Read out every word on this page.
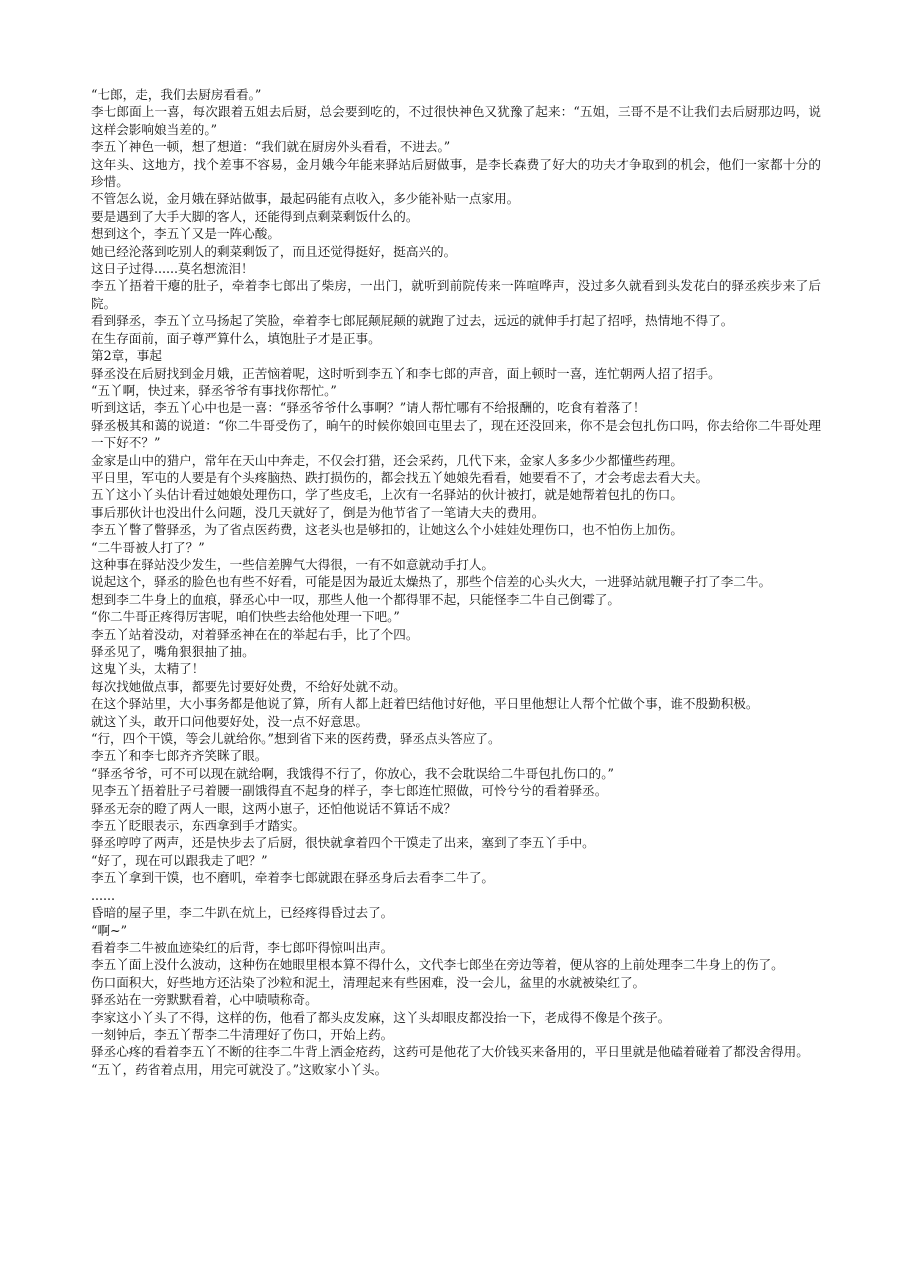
“七郎，走，我们去厨房看看。”

李七郎面上一喜，每次跟着五姐去后厨，总会要到吃的，不过很快神色又犹豫了起来：“五姐，三哥不是不让我们去后厨那边吗，说这样会影响娘当差的。”

李五丫神色一顿，想了想道：“我们就在厨房外头看看，不进去。”

这年头、这地方，找个差事不容易，金月娥今年能来驿站后厨做事，是李长森费了好大的功夫才争取到的机会，他们一家都十分的珍惜。

不管怎么说，金月娥在驿站做事，最起码能有点收入，多少能补贴一点家用。

要是遇到了大手大脚的客人，还能得到点剩菜剩饭什么的。

想到这个，李五丫又是一阵心酸。

她已经沦落到吃别人的剩菜剩饭了，而且还觉得挺好，挺高兴的。

这日子过得......莫名想流泪！

李五丫捂着干瘪的肚子，牵着李七郎出了柴房，一出门，就听到前院传来一阵喧哗声，没过多久就看到头发花白的驿丞疾步来了后院。

看到驿丞，李五丫立马扬起了笑脸，牵着李七郎屁颠屁颠的就跑了过去，远远的就伸手打起了招呼，热情地不得了。

在生存面前，面子尊严算什么，填饱肚子才是正事。

第2章，事起

驿丞没在后厨找到金月娥，正苦恼着呢，这时听到李五丫和李七郎的声音，面上顿时一喜，连忙朝两人招了招手。

“五丫啊，快过来，驿丞爷爷有事找你帮忙。”

听到这话，李五丫心中也是一喜：“驿丞爷爷什么事啊？”请人帮忙哪有不给报酬的，吃食有着落了！

驿丞极其和蔼的说道：“你二牛哥受伤了，晌午的时候你娘回屯里去了，现在还没回来，你不是会包扎伤口吗，你去给你二牛哥处理一下好不？”

金家是山中的猎户，常年在天山中奔走，不仅会打猎，还会采药，几代下来，金家人多多少少都懂些药理。

平日里，军屯的人要是有个头疼脑热、跌打损伤的，都会找五丫她娘先看看，她要看不了，才会考虑去看大夫。

五丫这小丫头估计看过她娘处理伤口，学了些皮毛，上次有一名驿站的伙计被打，就是她帮着包扎的伤口。

事后那伙计也没出什么问题，没几天就好了，倒是为他节省了一笔请大夫的费用。

李五丫瞥了瞥驿丞，为了省点医药费，这老头也是够扣的，让她这么个小娃娃处理伤口，也不怕伤上加伤。

“二牛哥被人打了？”

这种事在驿站没少发生，一些信差脾气大得很，一有不如意就动手打人。

说起这个，驿丞的脸色也有些不好看，可能是因为最近太燥热了，那些个信差的心头火大，一进驿站就甩鞭子打了李二牛。

想到李二牛身上的血痕，驿丞心中一叹，那些人他一个都得罪不起，只能怪李二牛自己倒霉了。

“你二牛哥正疼得厉害呢，咱们快些去给他处理一下吧。”

李五丫站着没动，对着驿丞神在在的举起右手，比了个四。

驿丞见了，嘴角狠狠抽了抽。

这鬼丫头，太精了！

每次找她做点事，都要先讨要好处费，不给好处就不动。

在这个驿站里，大小事务都是他说了算，所有人都上赶着巴结他讨好他，平日里他想让人帮个忙做个事，谁不殷勤积极。

就这丫头，敢开口问他要好处，没一点不好意思。

“行，四个干馍，等会儿就给你。”想到省下来的医药费，驿丞点头答应了。

李五丫和李七郎齐齐笑眯了眼。

“驿丞爷爷，可不可以现在就给啊，我饿得不行了，你放心，我不会耽误给二牛哥包扎伤口的。”

见李五丫捂着肚子弓着腰一副饿得直不起身的样子，李七郎连忙照做，可怜兮兮的看着驿丞。

驿丞无奈的瞪了两人一眼，这两小崽子，还怕他说话不算话不成？

李五丫眨眼表示，东西拿到手才踏实。

驿丞哼哼了两声，还是快步去了后厨，很快就拿着四个干馍走了出来，塞到了李五丫手中。

“好了，现在可以跟我走了吧？”

李五丫拿到干馍，也不磨叽，牵着李七郎就跟在驿丞身后去看李二牛了。

......

昏暗的屋子里，李二牛趴在炕上，已经疼得昏过去了。

“啊~”

看着李二牛被血迹染红的后背，李七郎吓得惊叫出声。

李五丫面上没什么波动，这种伤在她眼里根本算不得什么，文代李七郎坐在旁边等着，便从容的上前处理李二牛身上的伤了。

伤口面积大，好些地方还沾染了沙粒和泥土，清理起来有些困难，没一会儿，盆里的水就被染红了。

驿丞站在一旁默默看着，心中啧啧称奇。

李家这小丫头了不得，这样的伤，他看了都头皮发麻，这丫头却眼皮都没抬一下，老成得不像是个孩子。

一刻钟后，李五丫帮李二牛清理好了伤口，开始上药。

驿丞心疼的看着李五丫不断的往李二牛背上洒金疮药，这药可是他花了大价钱买来备用的，平日里就是他磕着碰着了都没舍得用。

“五丫，药省着点用，用完可就没了。”这败家小丫头。
